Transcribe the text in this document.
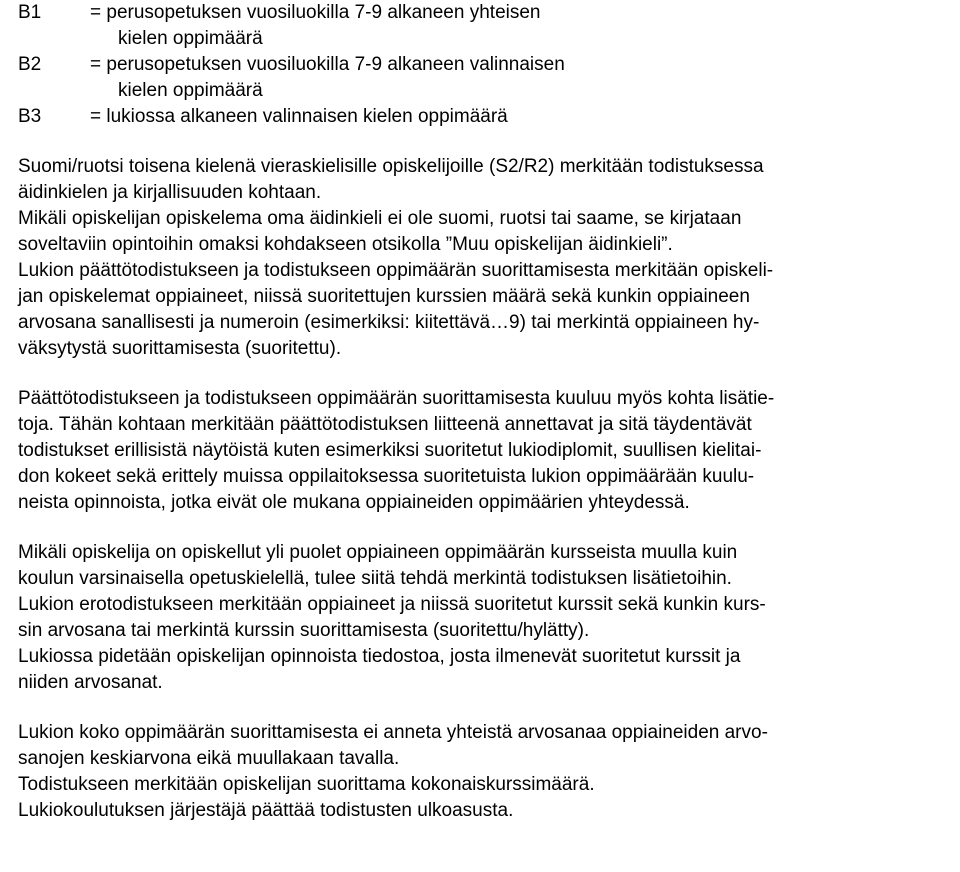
B1	= perusopetuksen vuosiluokilla 7-9 alkaneen yhteisen
kielen oppimäärä
B2	= perusopetuksen vuosiluokilla 7-9 alkaneen valinnaisen
kielen oppimäärä
B3	= lukiossa alkaneen valinnaisen kielen oppimäärä
Suomi/ruotsi toisena kielenä vieraskielisille opiskelijoille (S2/R2) merkitään todistuksessa
äidinkielen ja kirjallisuuden kohtaan.
Mikäli opiskelijan opiskelema oma äidinkieli ei ole suomi, ruotsi tai saame, se kirjataan
soveltaviin opintoihin omaksi kohdakseen otsikolla ”Muu opiskelijan äidinkieli”.
Lukion päättötodistukseen ja todistukseen oppimäärän suorittamisesta merkitään opiskeli-
jan opiskelemat oppiaineet, niissä suoritettujen kurssien määrä sekä kunkin oppiaineen
arvosana sanallisesti ja numeroin (esimerkiksi: kiitettävä…9) tai merkintä oppiaineen hy-
väksytystä suorittamisesta (suoritettu).
Päättötodistukseen ja todistukseen oppimäärän suorittamisesta kuuluu myös kohta lisätie-
toja. Tähän kohtaan merkitään päättötodistuksen liitteenä annettavat ja sitä täydentävät
todistukset erillisistä näytöistä kuten esimerkiksi suoritetut lukiodiplomit, suullisen kielitai-
don kokeet sekä erittely muissa oppilaitoksessa suoritetuista lukion oppimäärään kuulu-
neista opinnoista, jotka eivät ole mukana oppiaineiden oppimäärien yhteydessä.
Mikäli opiskelija on opiskellut yli puolet oppiaineen oppimäärän kursseista muulla kuin
koulun varsinaisella opetuskielellä, tulee siitä tehdä merkintä todistuksen lisätietoihin.
Lukion erotodistukseen merkitään oppiaineet ja niissä suoritetut kurssit sekä kunkin kurs-
sin arvosana tai merkintä kurssin suorittamisesta (suoritettu/hylätty).
Lukiossa pidetään opiskelijan opinnoista tiedostoa, josta ilmenevät suoritetut kurssit ja
niiden arvosanat.
Lukion koko oppimäärän suorittamisesta ei anneta yhteistä arvosanaa oppiaineiden arvo-
sanojen keskiarvona eikä muullakaan tavalla.
Todistukseen merkitään opiskelijan suorittama kokonaiskurssimäärä.
Lukiokoulutuksen järjestäjä päättää todistusten ulkoasusta.
